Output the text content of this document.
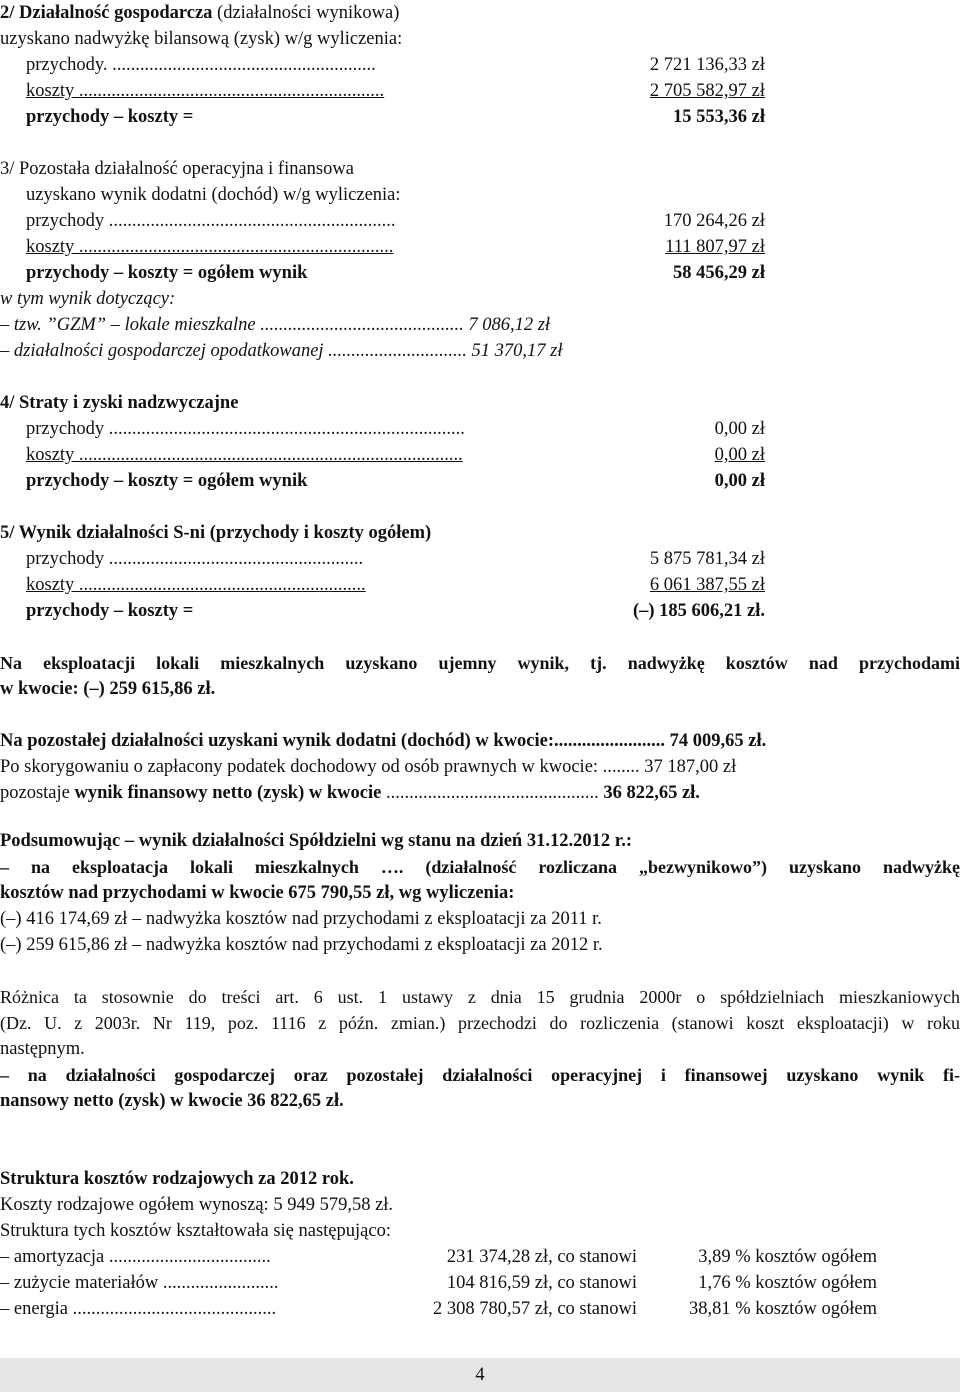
2/ Działalność gospodarcza (działalności wynikowa)
uzyskano nadwyżkę bilansową (zysk) w/g wyliczenia:
przychody. .........................................................	2 721 136,33 zł
koszty ..................................................................	2 705 582,97 zł
przychody – koszty =	15 553,36 zł
3/ Pozostała działalność operacyjna i finansowa
uzyskano wynik dodatni (dochód) w/g wyliczenia:
przychody ..............................................................	170 264,26 zł
koszty ....................................................................	111 807,97 zł
przychody – koszty = ogółem wynik	58 456,29 zł
w tym wynik dotyczący:
– tzw. ”GZM” – lokale mieszkalne ............................................ 7 086,12 zł
– działalności gospodarczej opodatkowanej .............................. 51 370,17 zł
4/ Straty i zyski nadzwyczajne
przychody .............................................................................	0,00 zł
koszty ...................................................................................	0,00 zł
przychody – koszty = ogółem wynik	0,00 zł
5/ Wynik działalności S-ni (przychody i koszty ogółem)
przychody .......................................................	5 875 781,34 zł
koszty ..............................................................	6 061 387,55 zł
przychody – koszty =	(–) 185 606,21 zł.
Na eksploatacji lokali mieszkalnych uzyskano ujemny wynik, tj. nadwyżkę kosztów nad przychodami
w kwocie: (–) 259 615,86 zł.
Na pozostałej działalności uzyskani wynik dodatni (dochód) w kwocie:........................ 74 009,65 zł.
Po skorygowaniu o zapłacony podatek dochodowy od osób prawnych w kwocie: ........ 37 187,00 zł
pozostaje wynik finansowy netto (zysk) w kwocie .............................................. 36 822,65 zł.
Podsumowując – wynik działalności Spółdzielni wg stanu na dzień 31.12.2012 r.:
– na eksploatacja lokali mieszkalnych …. (działalność rozliczana „bezwynikowo”) uzyskano nadwyżkę
kosztów nad przychodami w kwocie 675 790,55 zł, wg wyliczenia:
(–) 416 174,69 zł – nadwyżka kosztów nad przychodami z eksploatacji za 2011 r.
(–) 259 615,86 zł – nadwyżka kosztów nad przychodami z eksploatacji za 2012 r.
Różnica ta stosownie do treści art. 6 ust. 1 ustawy z dnia 15 grudnia 2000r o spółdzielniach mieszkaniowych
(Dz. U. z 2003r. Nr 119, poz. 1116 z późn. zmian.) przechodzi do rozliczenia (stanowi koszt eksploatacji) w roku
następnym.
– na działalności gospodarczej oraz pozostałej działalności operacyjnej i finansowej uzyskano wynik fi-
nansowy netto (zysk) w kwocie 36 822,65 zł.
Struktura kosztów rodzajowych za 2012 rok.
Koszty rodzajowe ogółem wynoszą: 5 949 579,58 zł.
Struktura tych kosztów kształtowała się następująco:
– amortyzacja ...................................	231 374,28 zł, co stanowi	3,89 % kosztów ogółem
– zużycie materiałów .........................	104 816,59 zł, co stanowi	1,76 % kosztów ogółem
– energia ............................................	2 308 780,57 zł, co stanowi	38,81 % kosztów ogółem
4
